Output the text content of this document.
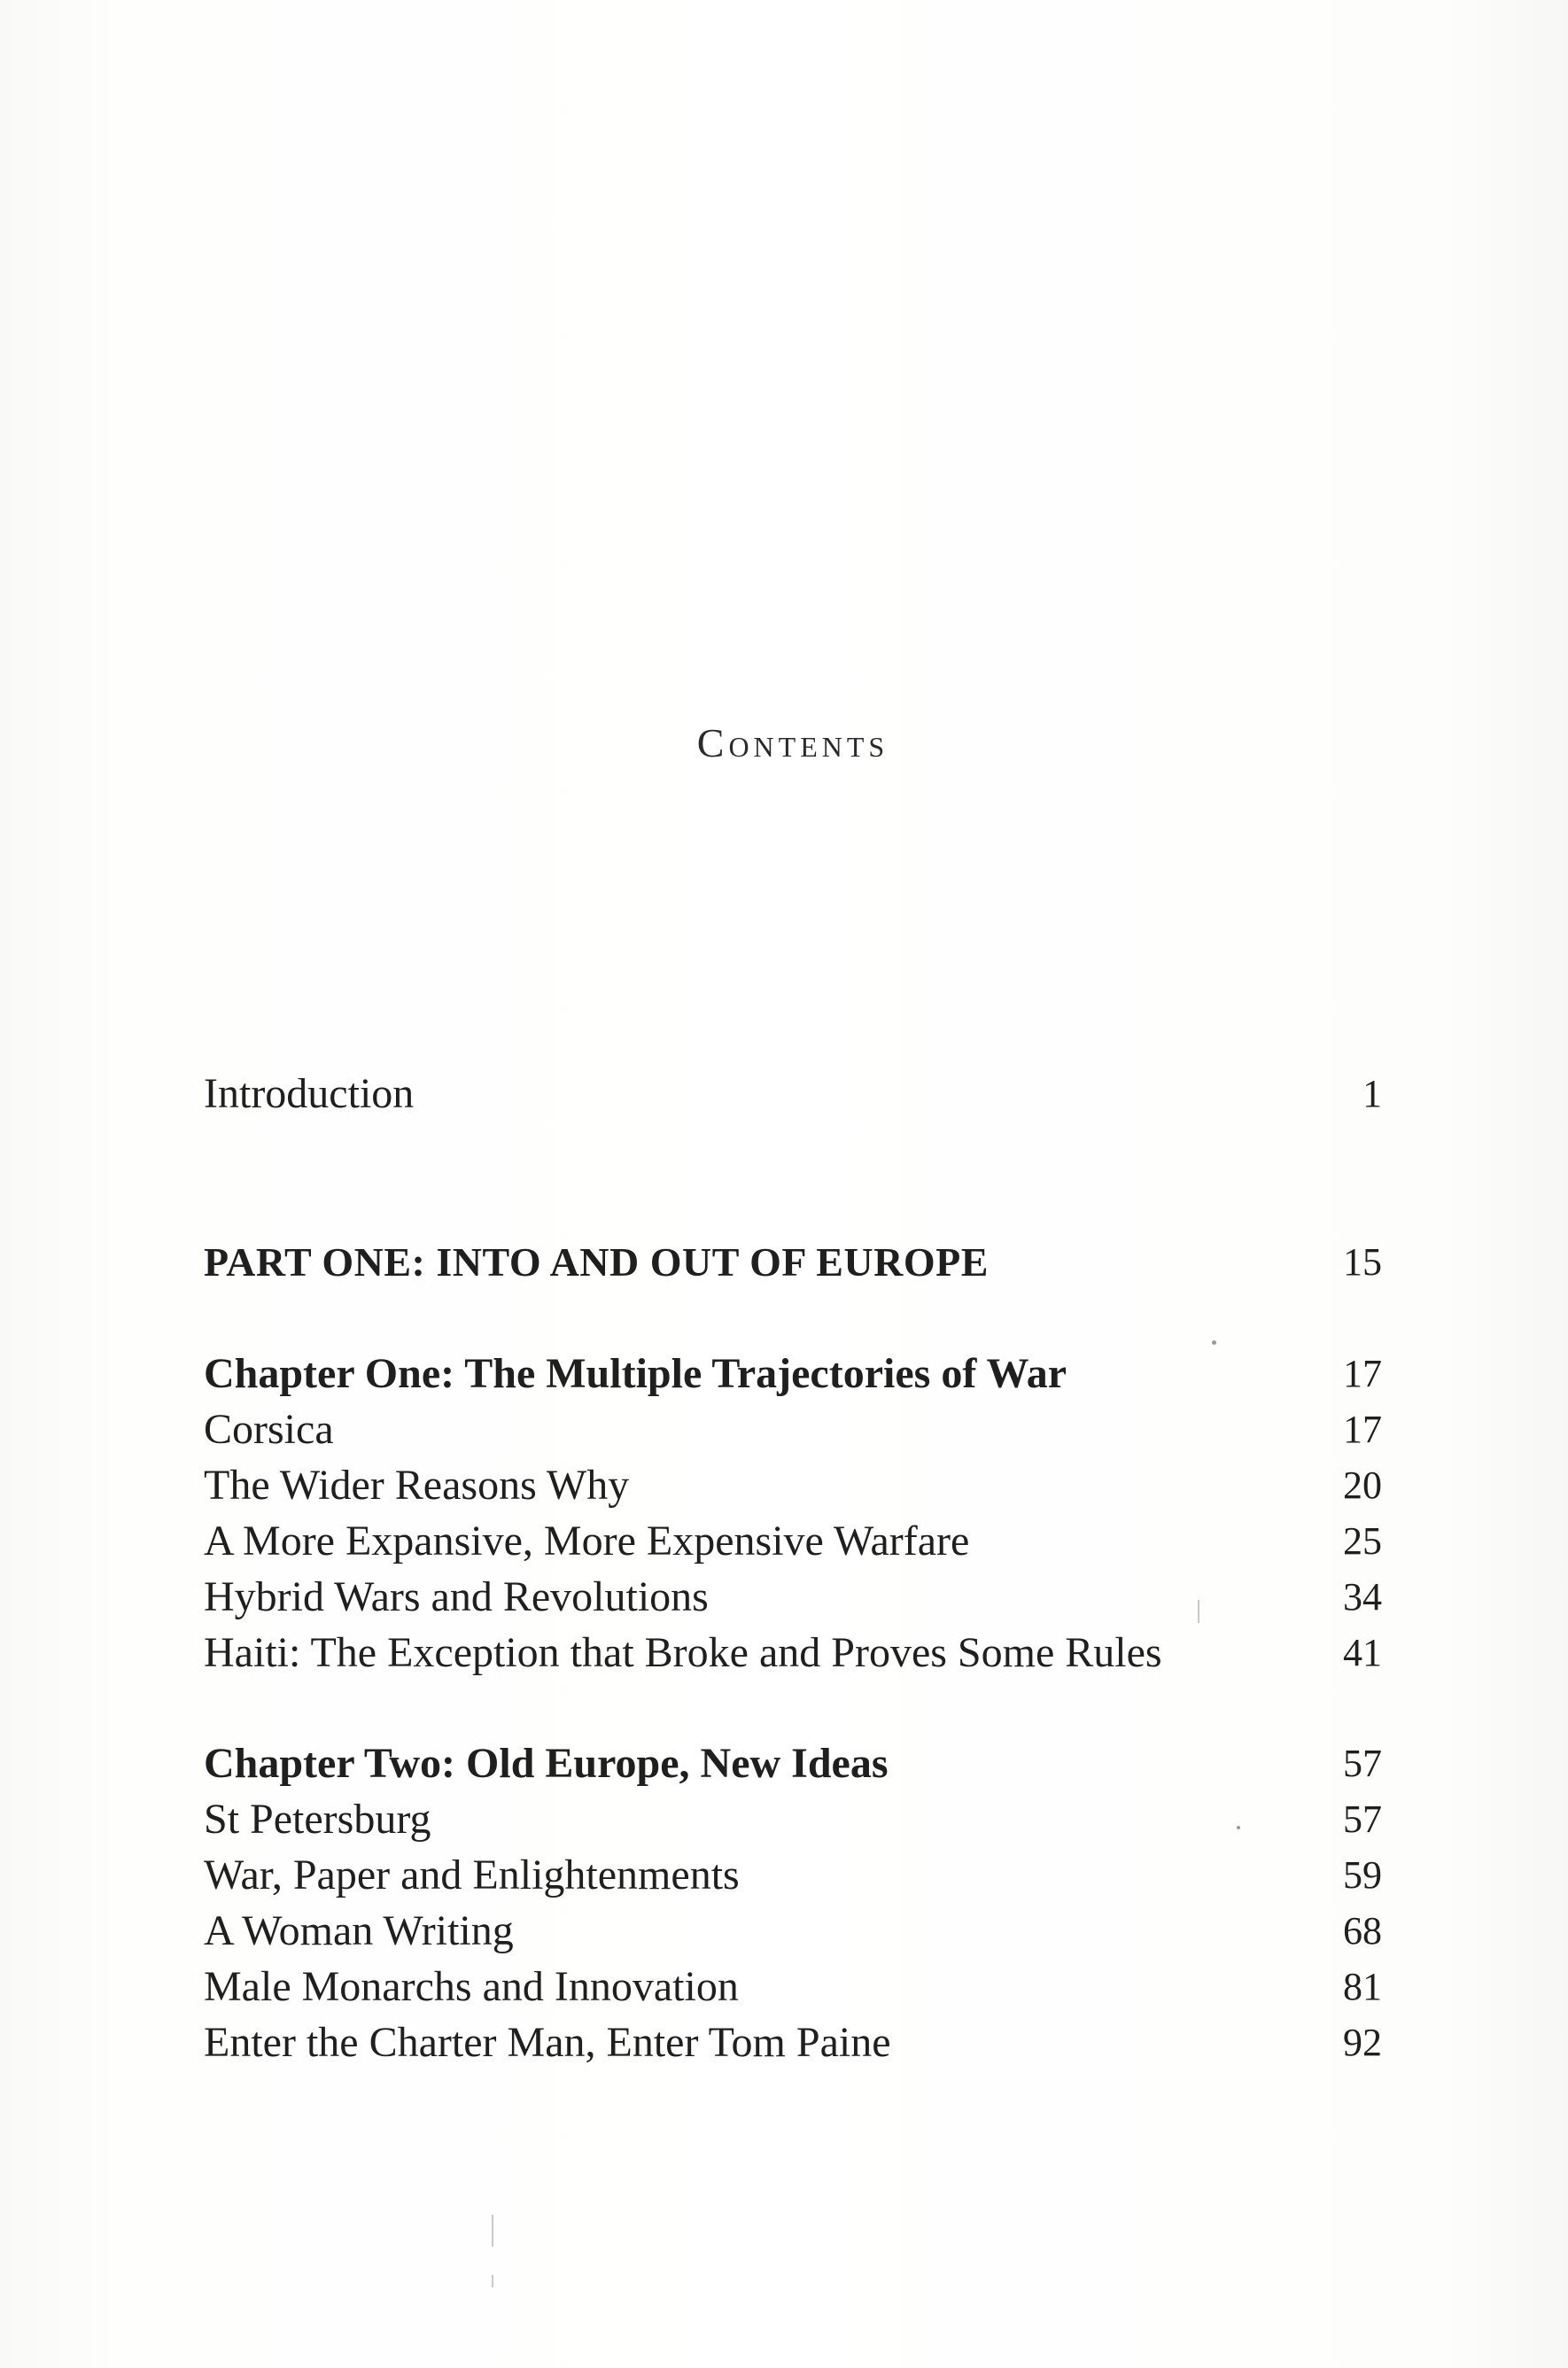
Contents
Introduction	1
PART ONE: INTO AND OUT OF EUROPE	15
Chapter One: The Multiple Trajectories of War	17
Corsica	17
The Wider Reasons Why	20
A More Expansive, More Expensive Warfare	25
Hybrid Wars and Revolutions	34
Haiti: The Exception that Broke and Proves Some Rules	41
Chapter Two: Old Europe, New Ideas	57
St Petersburg	57
War, Paper and Enlightenments	59
A Woman Writing	68
Male Monarchs and Innovation	81
Enter the Charter Man, Enter Tom Paine	92
